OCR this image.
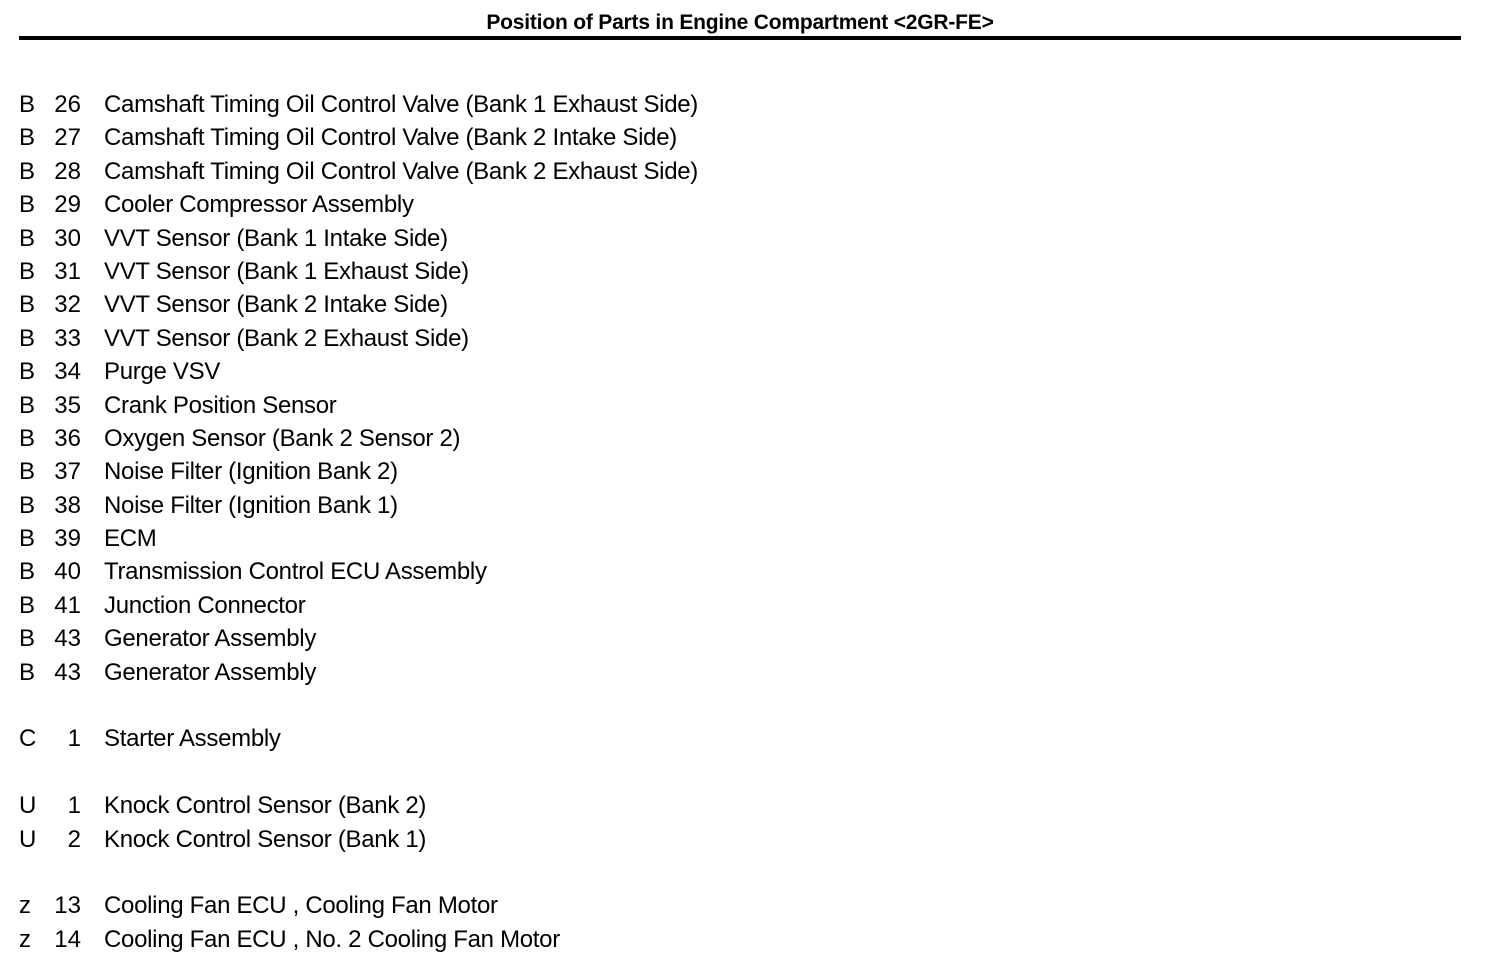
Position of Parts in Engine Compartment <2GR-FE>
B 26 Camshaft Timing Oil Control Valve (Bank 1 Exhaust Side)
B 27 Camshaft Timing Oil Control Valve (Bank 2 Intake Side)
B 28 Camshaft Timing Oil Control Valve (Bank 2 Exhaust Side)
B 29 Cooler Compressor Assembly
B 30 VVT Sensor (Bank 1 Intake Side)
B 31 VVT Sensor (Bank 1 Exhaust Side)
B 32 VVT Sensor (Bank 2 Intake Side)
B 33 VVT Sensor (Bank 2 Exhaust Side)
B 34 Purge VSV
B 35 Crank Position Sensor
B 36 Oxygen Sensor (Bank 2 Sensor 2)
B 37 Noise Filter (Ignition Bank 2)
B 38 Noise Filter (Ignition Bank 1)
B 39 ECM
B 40 Transmission Control ECU Assembly
B 41 Junction Connector
B 43 Generator Assembly
B 43 Generator Assembly
C	1 Starter Assembly
U	1 Knock Control Sensor (Bank 2)
U	2 Knock Control Sensor (Bank 1)
z 13 Cooling Fan ECU , Cooling Fan Motor
z 14 Cooling Fan ECU , No. 2 Cooling Fan Motor
